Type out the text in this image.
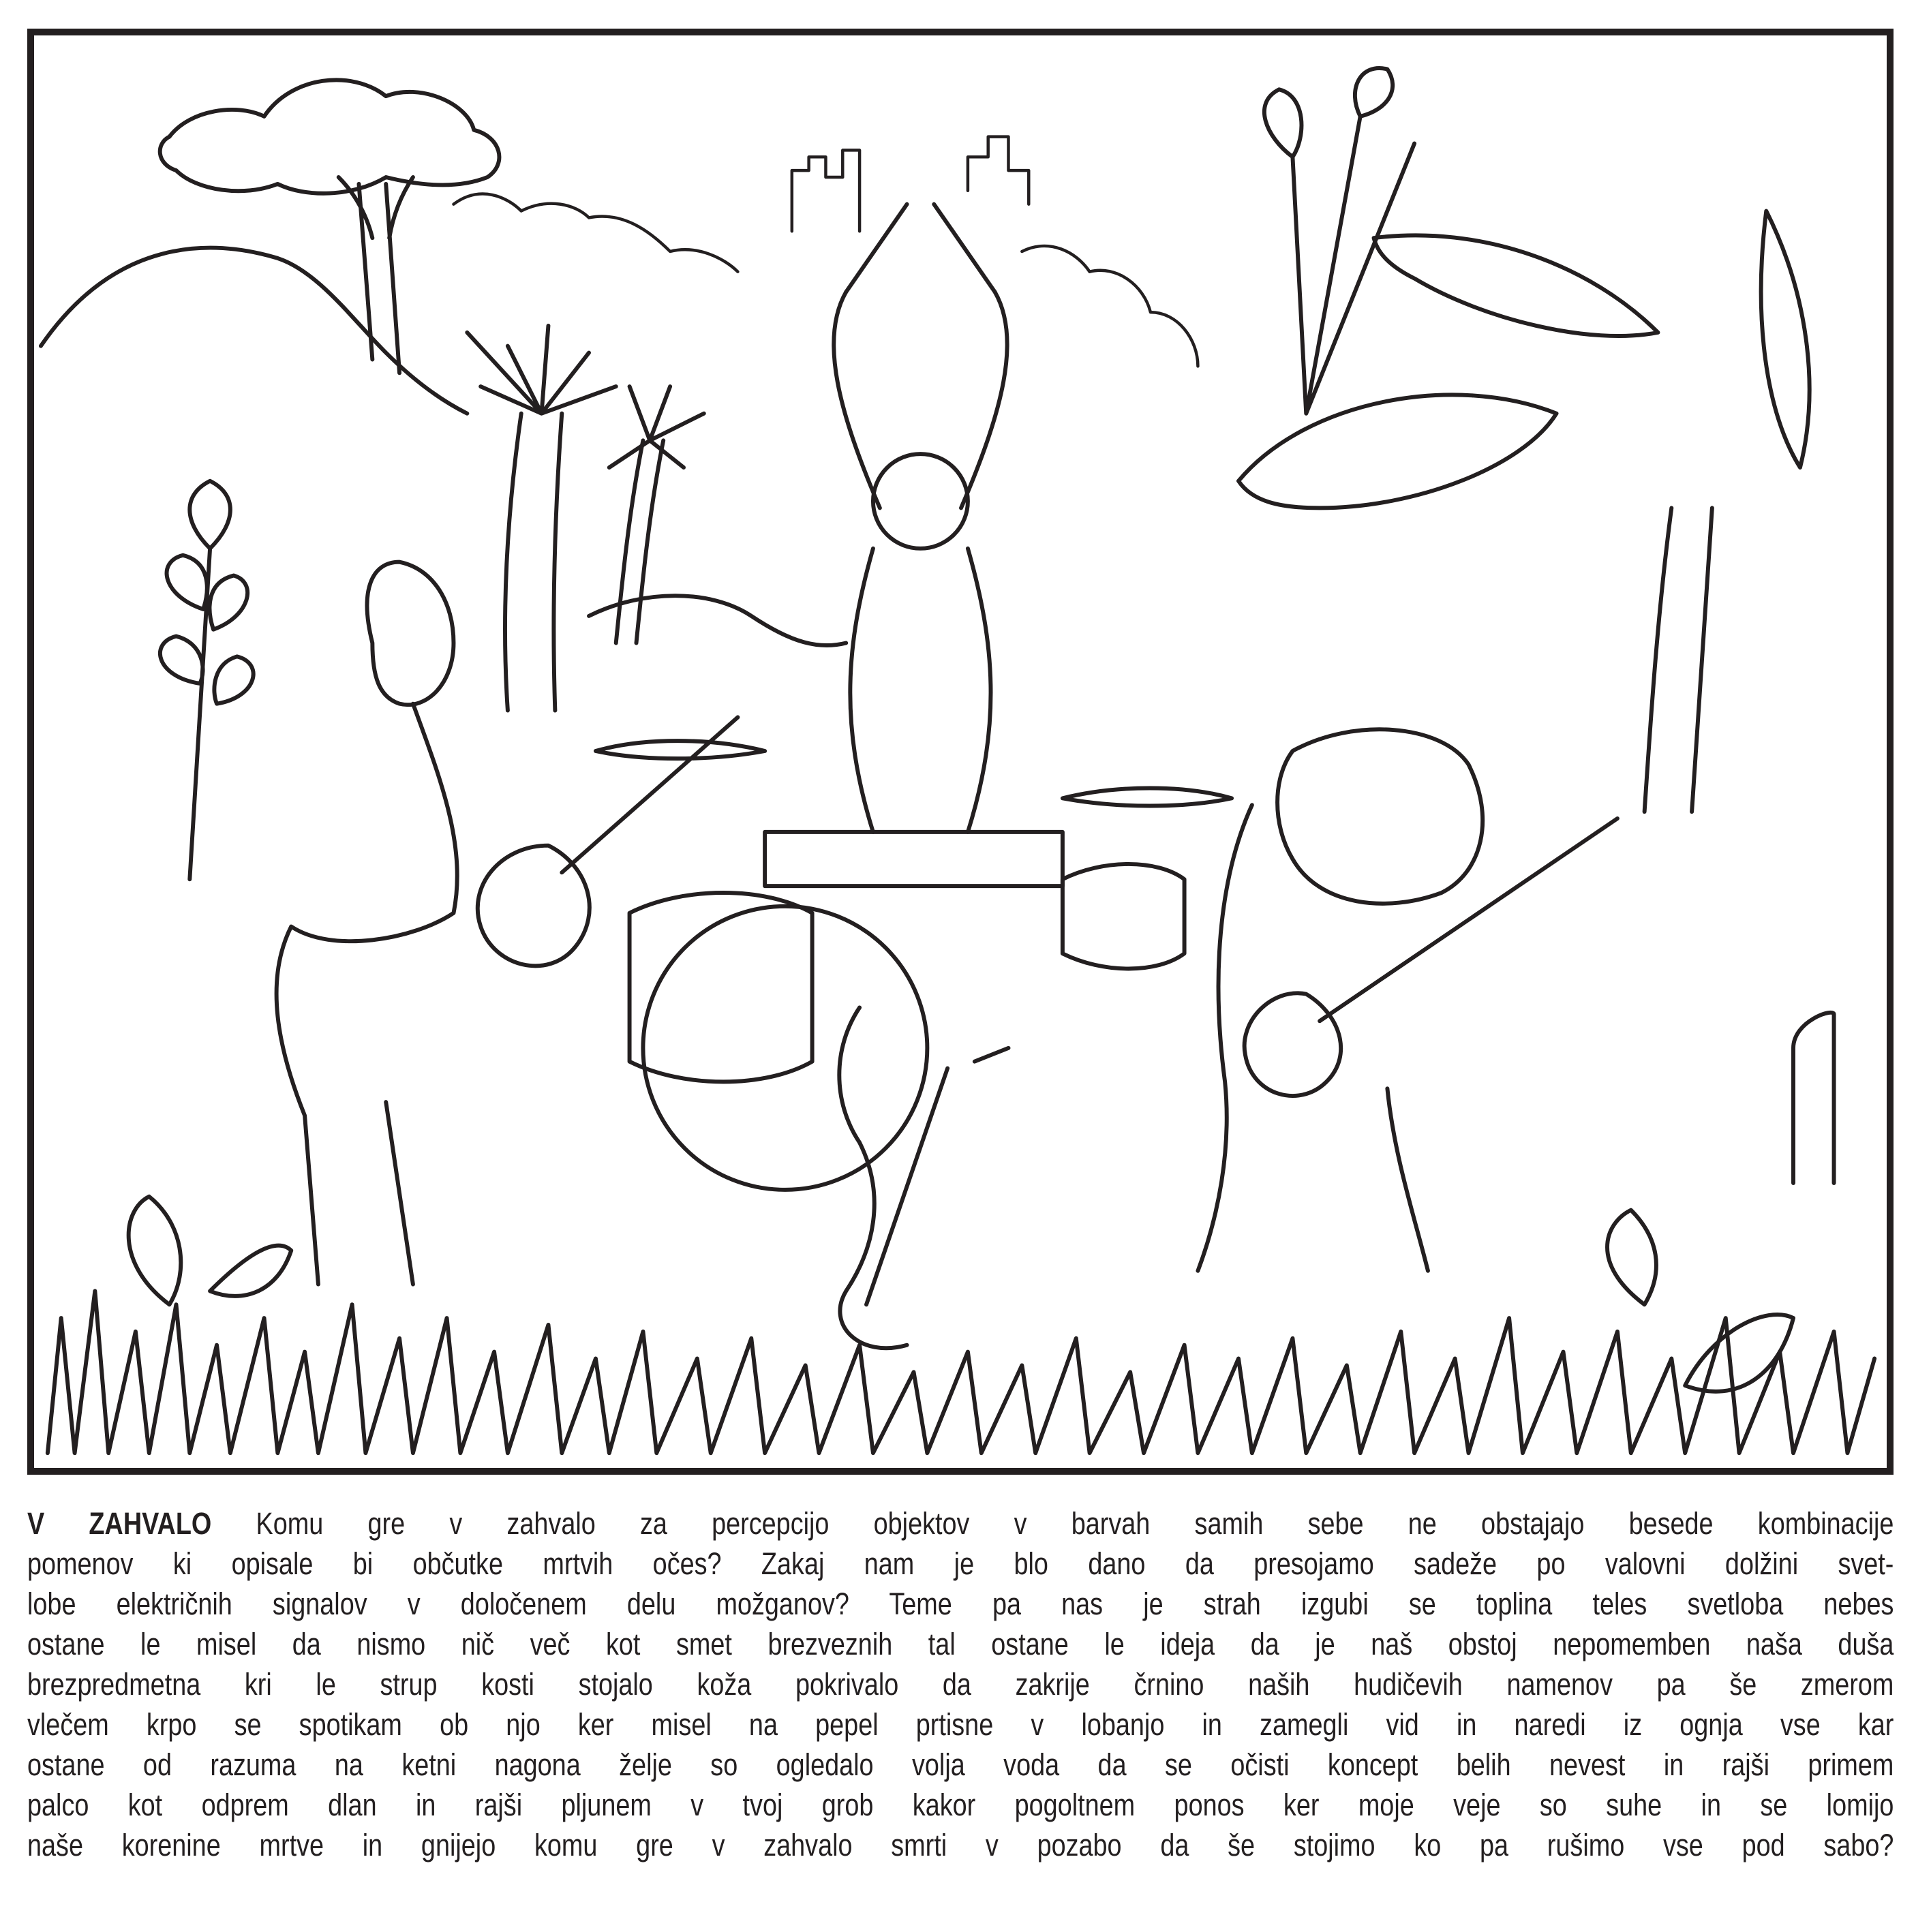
V ZAHVALO Komu gre v zahvalo za percepcijo objektov v barvah samih sebe ne obstajajo besede kombinacije
pomenov ki opisale bi občutke mrtvih očes? Zakaj nam je blo dano da presojamo sadeže po valovni dolžini svet-
lobe električnih signalov v določenem delu možganov? Teme pa nas je strah izgubi se toplina teles svetloba nebes
ostane le misel da nismo nič več kot smet brezveznih tal ostane le ideja da je naš obstoj nepomemben naša duša
brezpredmetna kri le strup kosti stojalo koža pokrivalo da zakrije črnino naših hudičevih namenov pa še zmerom
vlečem krpo se spotikam ob njo ker misel na pepel prtisne v lobanjo in zamegli vid in naredi iz ognja vse kar
ostane od razuma na ketni nagona želje so ogledalo volja voda da se očisti koncept belih nevest in rajši primem
palco kot odprem dlan in rajši pljunem v tvoj grob kakor pogoltnem ponos ker moje veje so suhe in se lomijo
naše korenine mrtve in gnijejo komu gre v zahvalo smrti v pozabo da še stojimo ko pa rušimo vse pod sabo?
